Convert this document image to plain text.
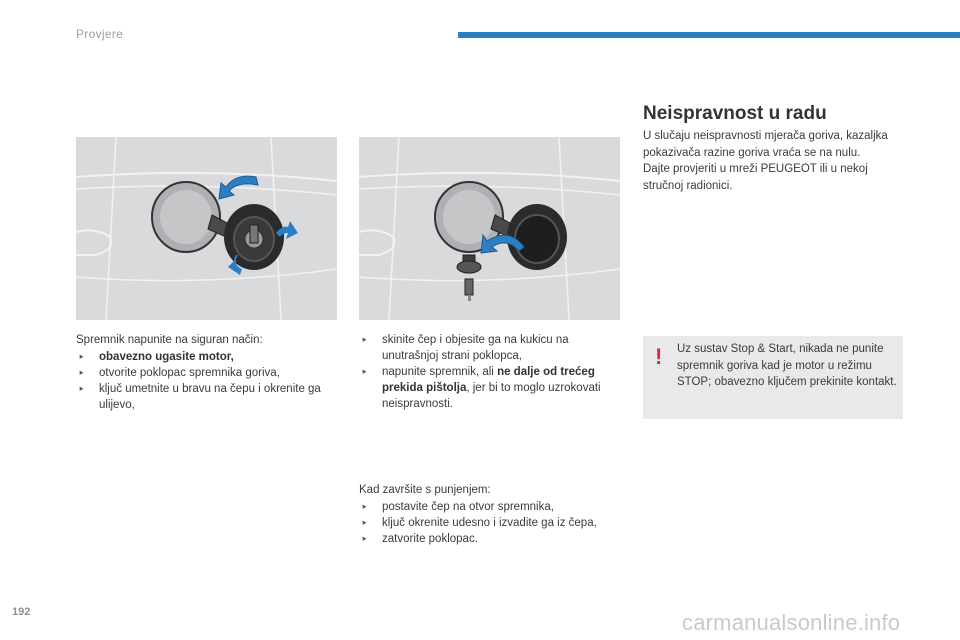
Provjere

Spremnik napunite na siguran način:

⯈ obavezno ugasite motor,

⯈ otvorite poklopac spremnika goriva,

⯈ ključ umetnite u bravu na čepu i okrenite ga ulijevo,

⯈ skinite čep i objesite ga na kukicu na unutrašnjoj strani poklopca,

⯈ napunite spremnik, ali ne dalje od trećeg prekida pištolja, jer bi to moglo uzrokovati neispravnosti.

Kad završite s punjenjem:

⯈ postavite čep na otvor spremnika,

⯈ ključ okrenite udesno i izvadite ga iz čepa,

⯈ zatvorite poklopac.

Neispravnost u radu

U slučaju neispravnosti mjerača goriva, kazaljka pokazivača razine goriva vraća se na nulu.

Dajte provjeriti u mreži PEUGEOT ili u nekoj stručnoj radionici.

! Uz sustav Stop & Start, nikada ne punite spremnik goriva kad je motor u režimu STOP; obavezno ključem prekinite kontakt.

192	carmanualsonline.info
